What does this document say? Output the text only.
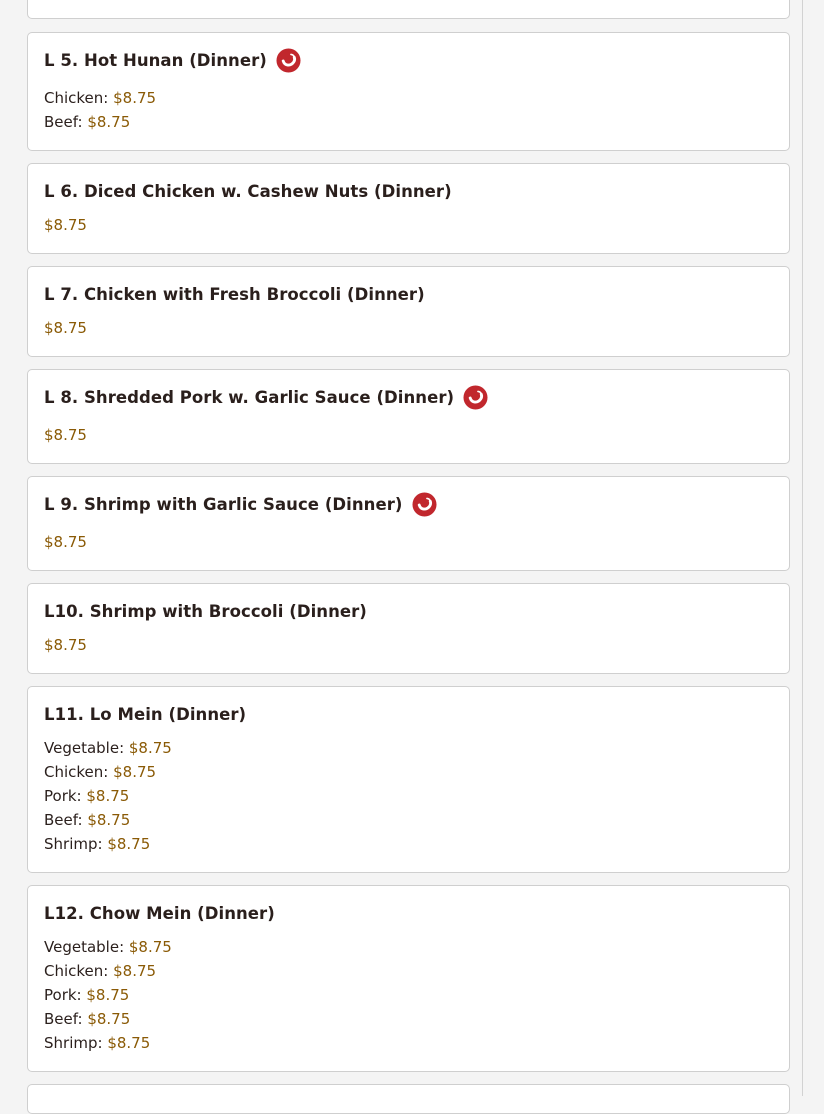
L 5. Hot Hunan (Dinner)
Chicken: $8.75
Beef: $8.75
L 6. Diced Chicken w. Cashew Nuts (Dinner)
$8.75
L 7. Chicken with Fresh Broccoli (Dinner)
$8.75
L 8. Shredded Pork w. Garlic Sauce (Dinner)
$8.75
L 9. Shrimp with Garlic Sauce (Dinner)
$8.75
L10. Shrimp with Broccoli (Dinner)
$8.75
L11. Lo Mein (Dinner)
Vegetable: $8.75
Chicken: $8.75
Pork: $8.75
Beef: $8.75
Shrimp: $8.75
L12. Chow Mein (Dinner)
Vegetable: $8.75
Chicken: $8.75
Pork: $8.75
Beef: $8.75
Shrimp: $8.75
